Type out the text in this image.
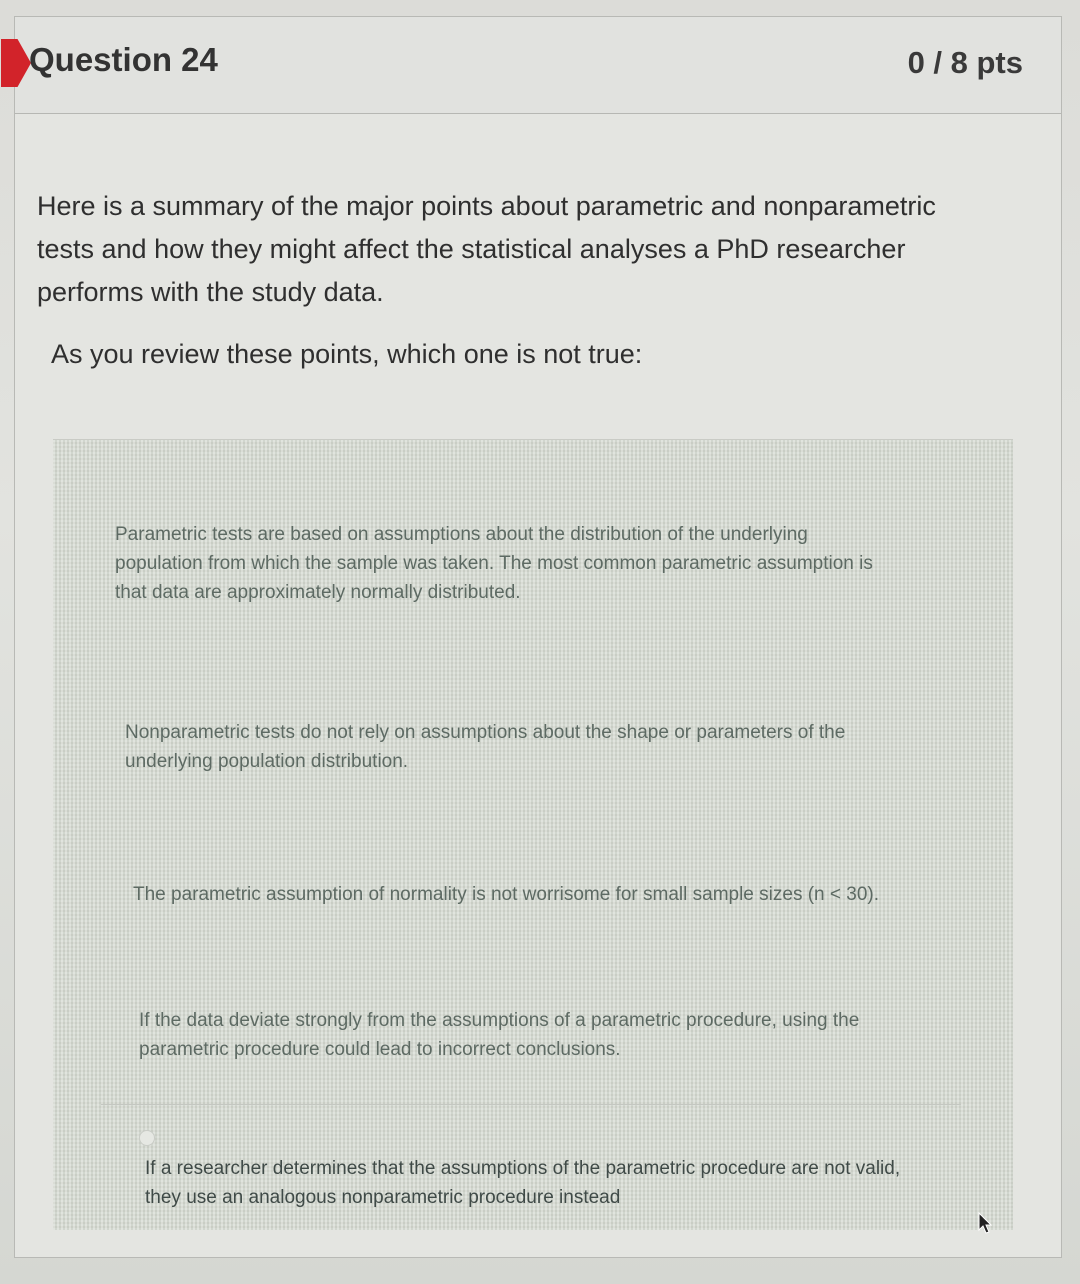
Question 24	0 / 8 pts
Here is a summary of the major points about parametric and nonparametric tests and how they might affect the statistical analyses a PhD researcher performs with the study data.
As you review these points, which one is not true:
Parametric tests are based on assumptions about the distribution of the underlying population from which the sample was taken. The most common parametric assumption is that data are approximately normally distributed.
Nonparametric tests do not rely on assumptions about the shape or parameters of the underlying population distribution.
The parametric assumption of normality is not worrisome for small sample sizes (n < 30).
If the data deviate strongly from the assumptions of a parametric procedure, using the parametric procedure could lead to incorrect conclusions.
If a researcher determines that the assumptions of the parametric procedure are not valid, they use an analogous nonparametric procedure instead
